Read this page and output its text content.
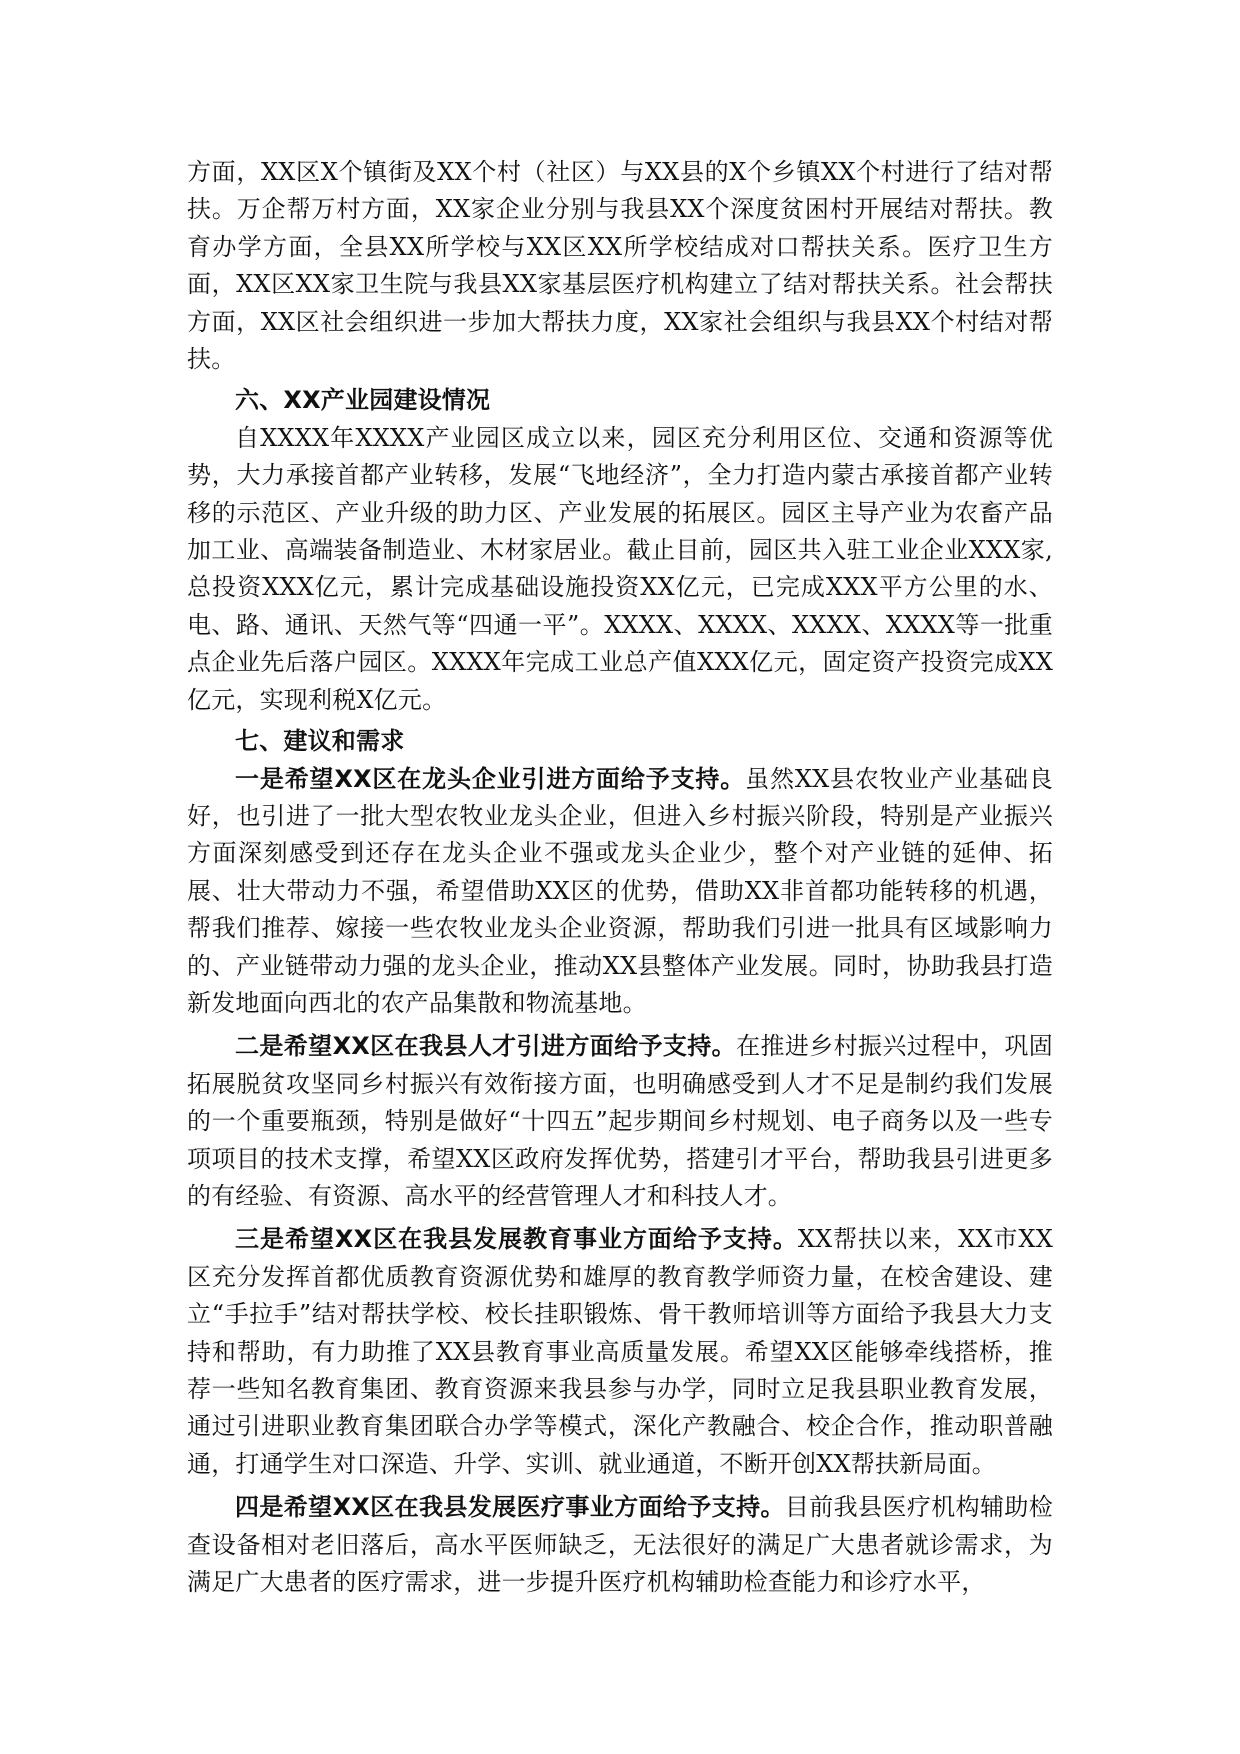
方面，XX区X个镇街及XX个村（社区）与XX县的X个乡镇XX个村进行了结对帮扶。万企帮万村方面，XX家企业分别与我县XX个深度贫困村开展结对帮扶。教育办学方面，全县XX所学校与XX区XX所学校结成对口帮扶关系。医疗卫生方面，XX区XX家卫生院与我县XX家基层医疗机构建立了结对帮扶关系。社会帮扶方面，XX区社会组织进一步加大帮扶力度，XX家社会组织与我县XX个村结对帮扶。

六、XX产业园建设情况

自XXXX年XXXX产业园区成立以来，园区充分利用区位、交通和资源等优势，大力承接首都产业转移，发展“飞地经济”，全力打造内蒙古承接首都产业转移的示范区、产业升级的助力区、产业发展的拓展区。园区主导产业为农畜产品加工业、高端装备制造业、木材家居业。截止目前，园区共入驻工业企业XXX家,总投资XXX亿元，累计完成基础设施投资XX亿元，已完成XXX平方公里的水、电、路、通讯、天然气等“四通一平”。XXXX、XXXX、XXXX、XXXX等一批重点企业先后落户园区。XXXX年完成工业总产值XXX亿元，固定资产投资完成XX亿元，实现利税X亿元。

七、建议和需求

一是希望XX区在龙头企业引进方面给予支持。虽然XX县农牧业产业基础良好，也引进了一批大型农牧业龙头企业，但进入乡村振兴阶段，特别是产业振兴方面深刻感受到还存在龙头企业不强或龙头企业少，整个对产业链的延伸、拓展、壮大带动力不强，希望借助XX区的优势，借助XX非首都功能转移的机遇，帮我们推荐、嫁接一些农牧业龙头企业资源，帮助我们引进一批具有区域影响力的、产业链带动力强的龙头企业，推动XX县整体产业发展。同时，协助我县打造新发地面向西北的农产品集散和物流基地。

二是希望XX区在我县人才引进方面给予支持。在推进乡村振兴过程中，巩固拓展脱贫攻坚同乡村振兴有效衔接方面，也明确感受到人才不足是制约我们发展的一个重要瓶颈，特别是做好“十四五”起步期间乡村规划、电子商务以及一些专项项目的技术支撑，希望XX区政府发挥优势，搭建引才平台，帮助我县引进更多的有经验、有资源、高水平的经营管理人才和科技人才。

三是希望XX区在我县发展教育事业方面给予支持。XX帮扶以来，XX市XX区充分发挥首都优质教育资源优势和雄厚的教育教学师资力量，在校舍建设、建立“手拉手”结对帮扶学校、校长挂职锻炼、骨干教师培训等方面给予我县大力支持和帮助，有力助推了XX县教育事业高质量发展。希望XX区能够牵线搭桥，推荐一些知名教育集团、教育资源来我县参与办学，同时立足我县职业教育发展，通过引进职业教育集团联合办学等模式，深化产教融合、校企合作，推动职普融通，打通学生对口深造、升学、实训、就业通道，不断开创XX帮扶新局面。

四是希望XX区在我县发展医疗事业方面给予支持。目前我县医疗机构辅助检查设备相对老旧落后，高水平医师缺乏，无法很好的满足广大患者就诊需求，为满足广大患者的医疗需求，进一步提升医疗机构辅助检查能力和诊疗水平，
